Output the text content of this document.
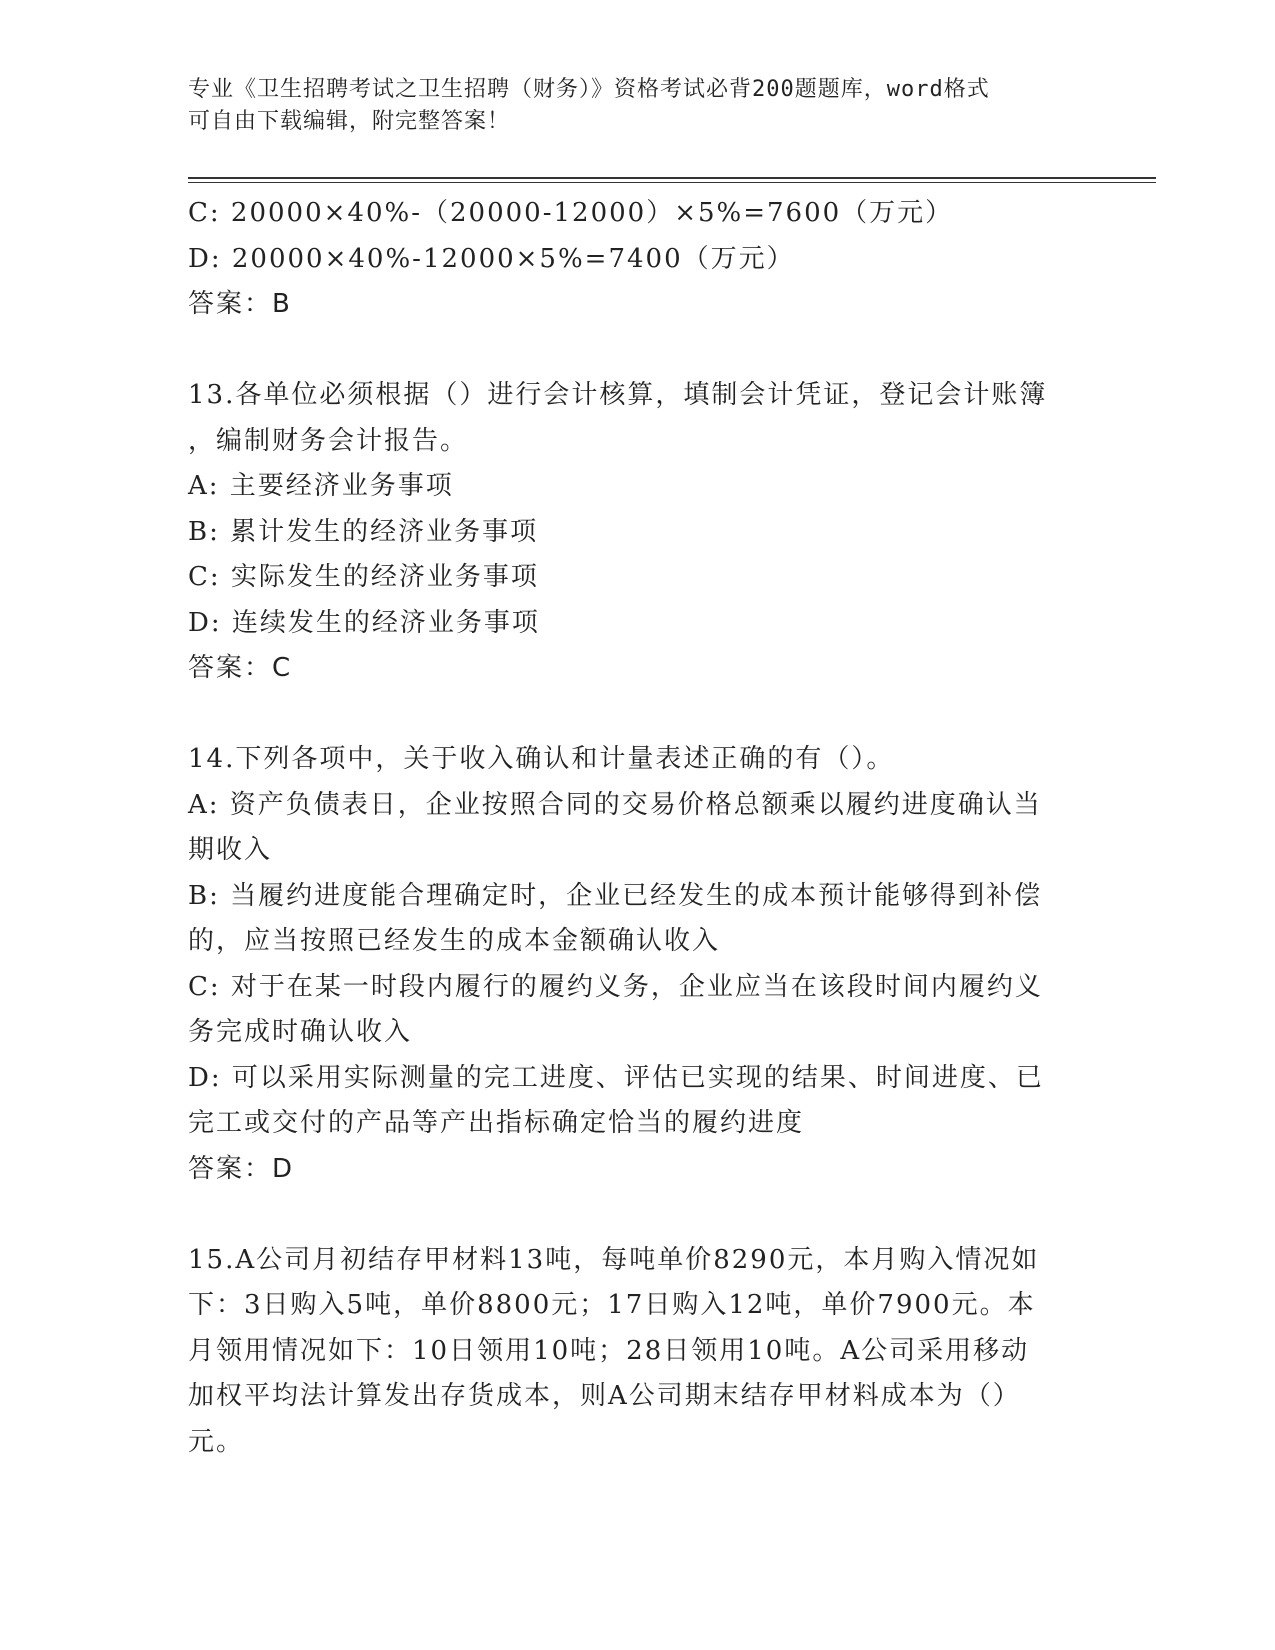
专业《卫生招聘考试之卫生招聘（财务）》资格考试必背200题题库，word格式
可自由下载编辑，附完整答案！

C: 20000×40%-（20000-12000）×5%=7600（万元）

D: 20000×40%-12000×5%=7400（万元）

答案：B

13.各单位必须根据（）进行会计核算，填制会计凭证，登记会计账簿

，编制财务会计报告。

A: 主要经济业务事项

B: 累计发生的经济业务事项

C: 实际发生的经济业务事项

D: 连续发生的经济业务事项

答案：C

14.下列各项中，关于收入确认和计量表述正确的有（）。

A: 资产负债表日，企业按照合同的交易价格总额乘以履约进度确认当

期收入

B: 当履约进度能合理确定时，企业已经发生的成本预计能够得到补偿

的，应当按照已经发生的成本金额确认收入

C: 对于在某一时段内履行的履约义务，企业应当在该段时间内履约义

务完成时确认收入

D: 可以采用实际测量的完工进度、评估已实现的结果、时间进度、已

完工或交付的产品等产出指标确定恰当的履约进度

答案：D

15.A公司月初结存甲材料13吨，每吨单价8290元，本月购入情况如

下：3日购入5吨，单价8800元；17日购入12吨，单价7900元。本

月领用情况如下：10日领用10吨；28日领用10吨。A公司采用移动

加权平均法计算发出存货成本，则A公司期末结存甲材料成本为（）

元。
